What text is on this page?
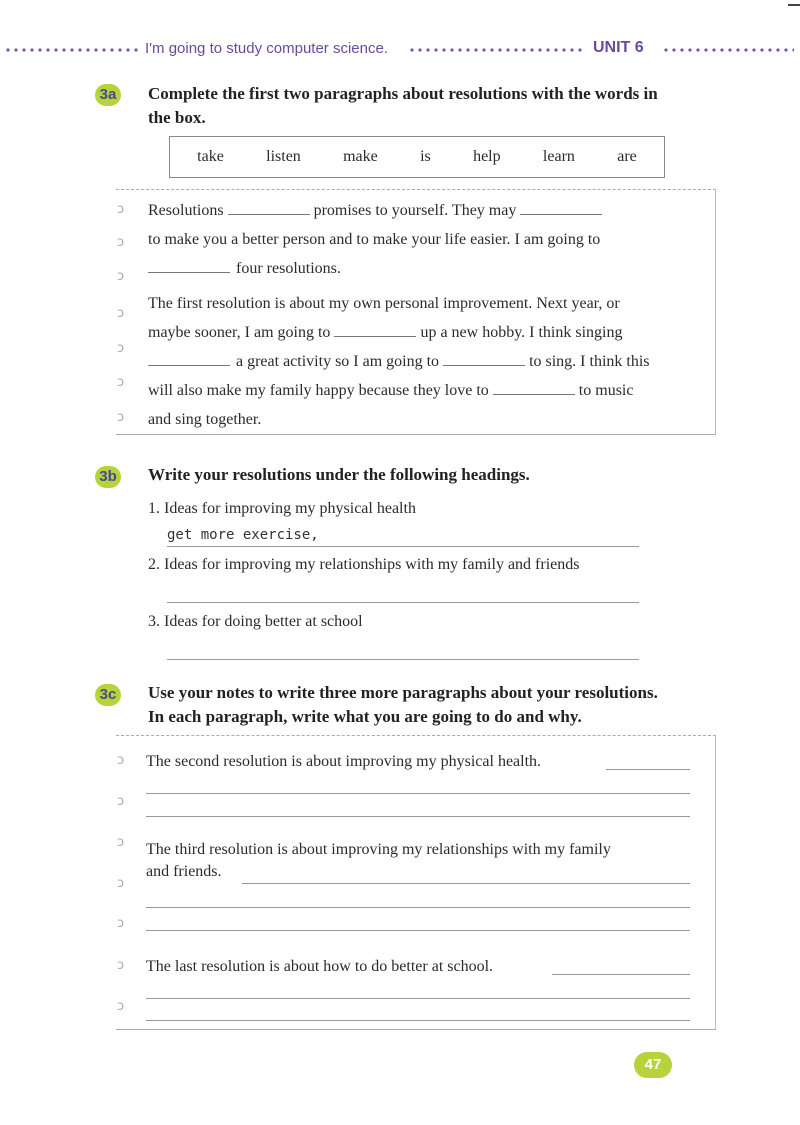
I'm going to study computer science.	UNIT 6
3a Complete the first two paragraphs about resolutions with the words in
the box.
take	listen	make	is	help	learn	are
ↄ
ↄ
ↄ
ↄ
ↄ
ↄ
ↄ
Resolutions	promises to yourself. They may
to make you a better person and to make your life easier. I am going to
four resolutions.
The first resolution is about my own personal improvement. Next year, or
maybe sooner, I am going to	up a new hobby. I think singing
a great activity so I am going to	to sing. I think this
will also make my family happy because they love to	to music
and sing together.
3b Write your resolutions under the following headings.
1. Ideas for improving my physical health
get more exercise,
2. Ideas for improving my relationships with my family and friends
3. Ideas for doing better at school
3c Use your notes to write three more paragraphs about your resolutions.
In each paragraph, write what you are going to do and why.
ↄ
ↄ
ↄ
ↄ
ↄ
ↄ
ↄ
The second resolution is about improving my physical health.
The third resolution is about improving my relationships with my family
and friends.
The last resolution is about how to do better at school.
47
